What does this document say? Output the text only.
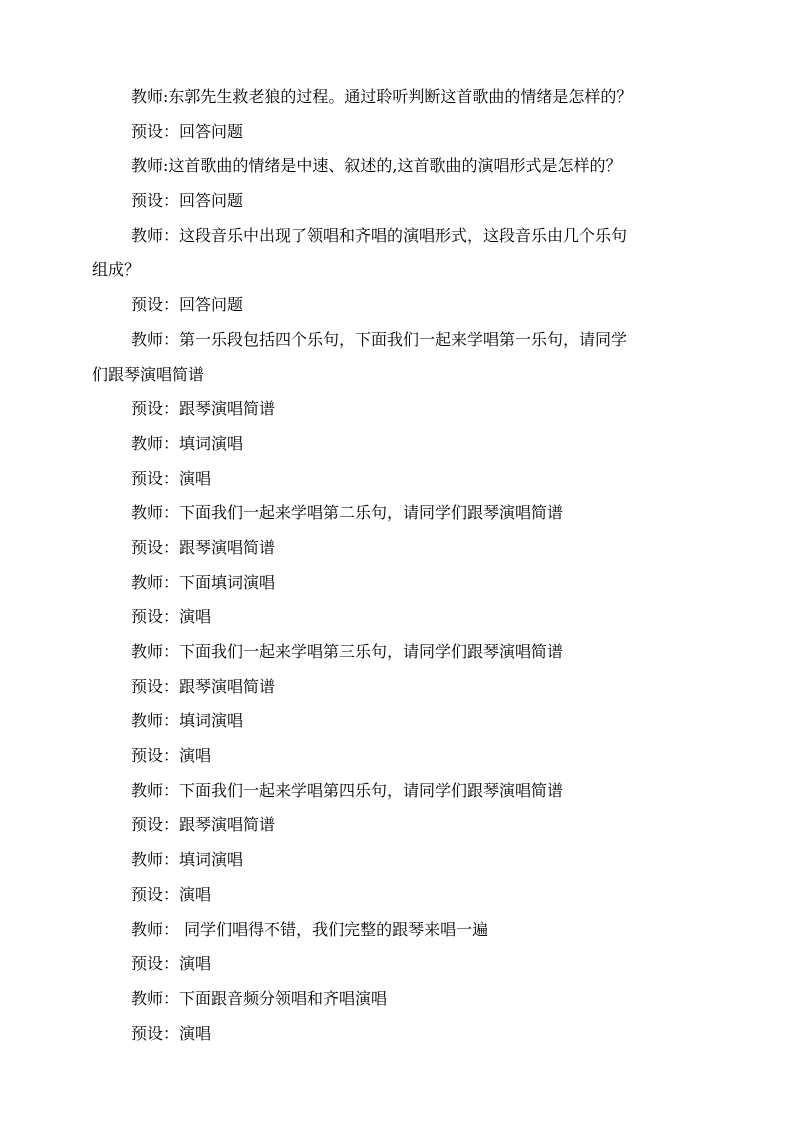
教师:东郭先生救老狼的过程。通过聆听判断这首歌曲的情绪是怎样的？
预设：回答问题
教师:这首歌曲的情绪是中速、叙述的,这首歌曲的演唱形式是怎样的？
预设：回答问题
教师：这段音乐中出现了领唱和齐唱的演唱形式，这段音乐由几个乐句
组成？
预设：回答问题
教师：第一乐段包括四个乐句，下面我们一起来学唱第一乐句，请同学
们跟琴演唱简谱
预设：跟琴演唱简谱
教师：填词演唱
预设：演唱
教师：下面我们一起来学唱第二乐句，请同学们跟琴演唱简谱
预设：跟琴演唱简谱
教师：下面填词演唱
预设：演唱
教师：下面我们一起来学唱第三乐句，请同学们跟琴演唱简谱
预设：跟琴演唱简谱
教师：填词演唱
预设：演唱
教师：下面我们一起来学唱第四乐句，请同学们跟琴演唱简谱
预设：跟琴演唱简谱
教师：填词演唱
预设：演唱
教师： 同学们唱得不错，我们完整的跟琴来唱一遍
预设：演唱
教师：下面跟音频分领唱和齐唱演唱
预设：演唱
